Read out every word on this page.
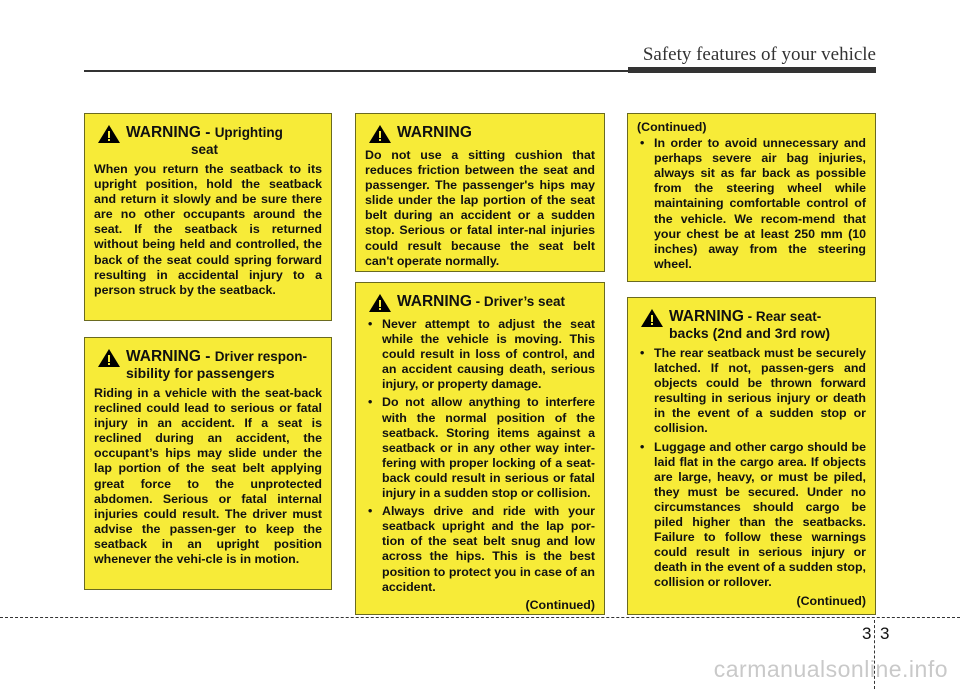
Safety features of your vehicle
WARNING - Uprighting
seat

When you return the seatback to its upright position, hold the seatback and return it slowly and be sure there are no other occupants around the seat. If the seatback is returned without being held and controlled, the back of the seat could spring forward resulting in accidental injury to a person struck by the seatback.

WARNING - Driver respon-
sibility for passengers

Riding in a vehicle with the seat-back reclined could lead to serious or fatal injury in an accident. If a seat is reclined during an accident, the occupant’s hips may slide under the lap portion of the seat belt applying great force to the unprotected abdomen. Serious or fatal internal injuries could result. The driver must advise the passen-ger to keep the seatback in an upright position whenever the vehi-cle is in motion.

WARNING

Do not use a sitting cushion that reduces friction between the seat and passenger. The passenger's hips may slide under the lap portion of the seat belt during an accident or a sudden stop. Serious or fatal inter-nal injuries could result because the seat belt can't operate normally.

WARNING - Driver’s seat
• Never attempt to adjust the seat while the vehicle is moving. This could result in loss of control, and an accident causing death, serious injury, or property damage.
• Do not allow anything to interfere with the normal position of the seatback. Storing items against a seatback or in any other way inter-fering with proper locking of a seat-back could result in serious or fatal injury in a sudden stop or collision.
• Always drive and ride with your seatback upright and the lap por-tion of the seat belt snug and low across the hips. This is the best position to protect you in case of an accident.
(Continued)
(Continued)
• In order to avoid unnecessary and perhaps severe air bag injuries, always sit as far back as possible from the steering wheel while maintaining comfortable control of the vehicle. We recom-mend that your chest be at least 250 mm (10 inches) away from the steering wheel.
WARNING - Rear seat-
backs (2nd and 3rd row)
• The rear seatback must be securely latched. If not, passen-gers and objects could be thrown forward resulting in serious injury or death in the event of a sudden stop or collision.
• Luggage and other cargo should be laid flat in the cargo area. If objects are large, heavy, or must be piled, they must be secured. Under no circumstances should cargo be piled higher than the seatbacks. Failure to follow these warnings could result in serious injury or death in the event of a sudden stop, collision or rollover.
(Continued)
3 3
carmanualsonline.info
